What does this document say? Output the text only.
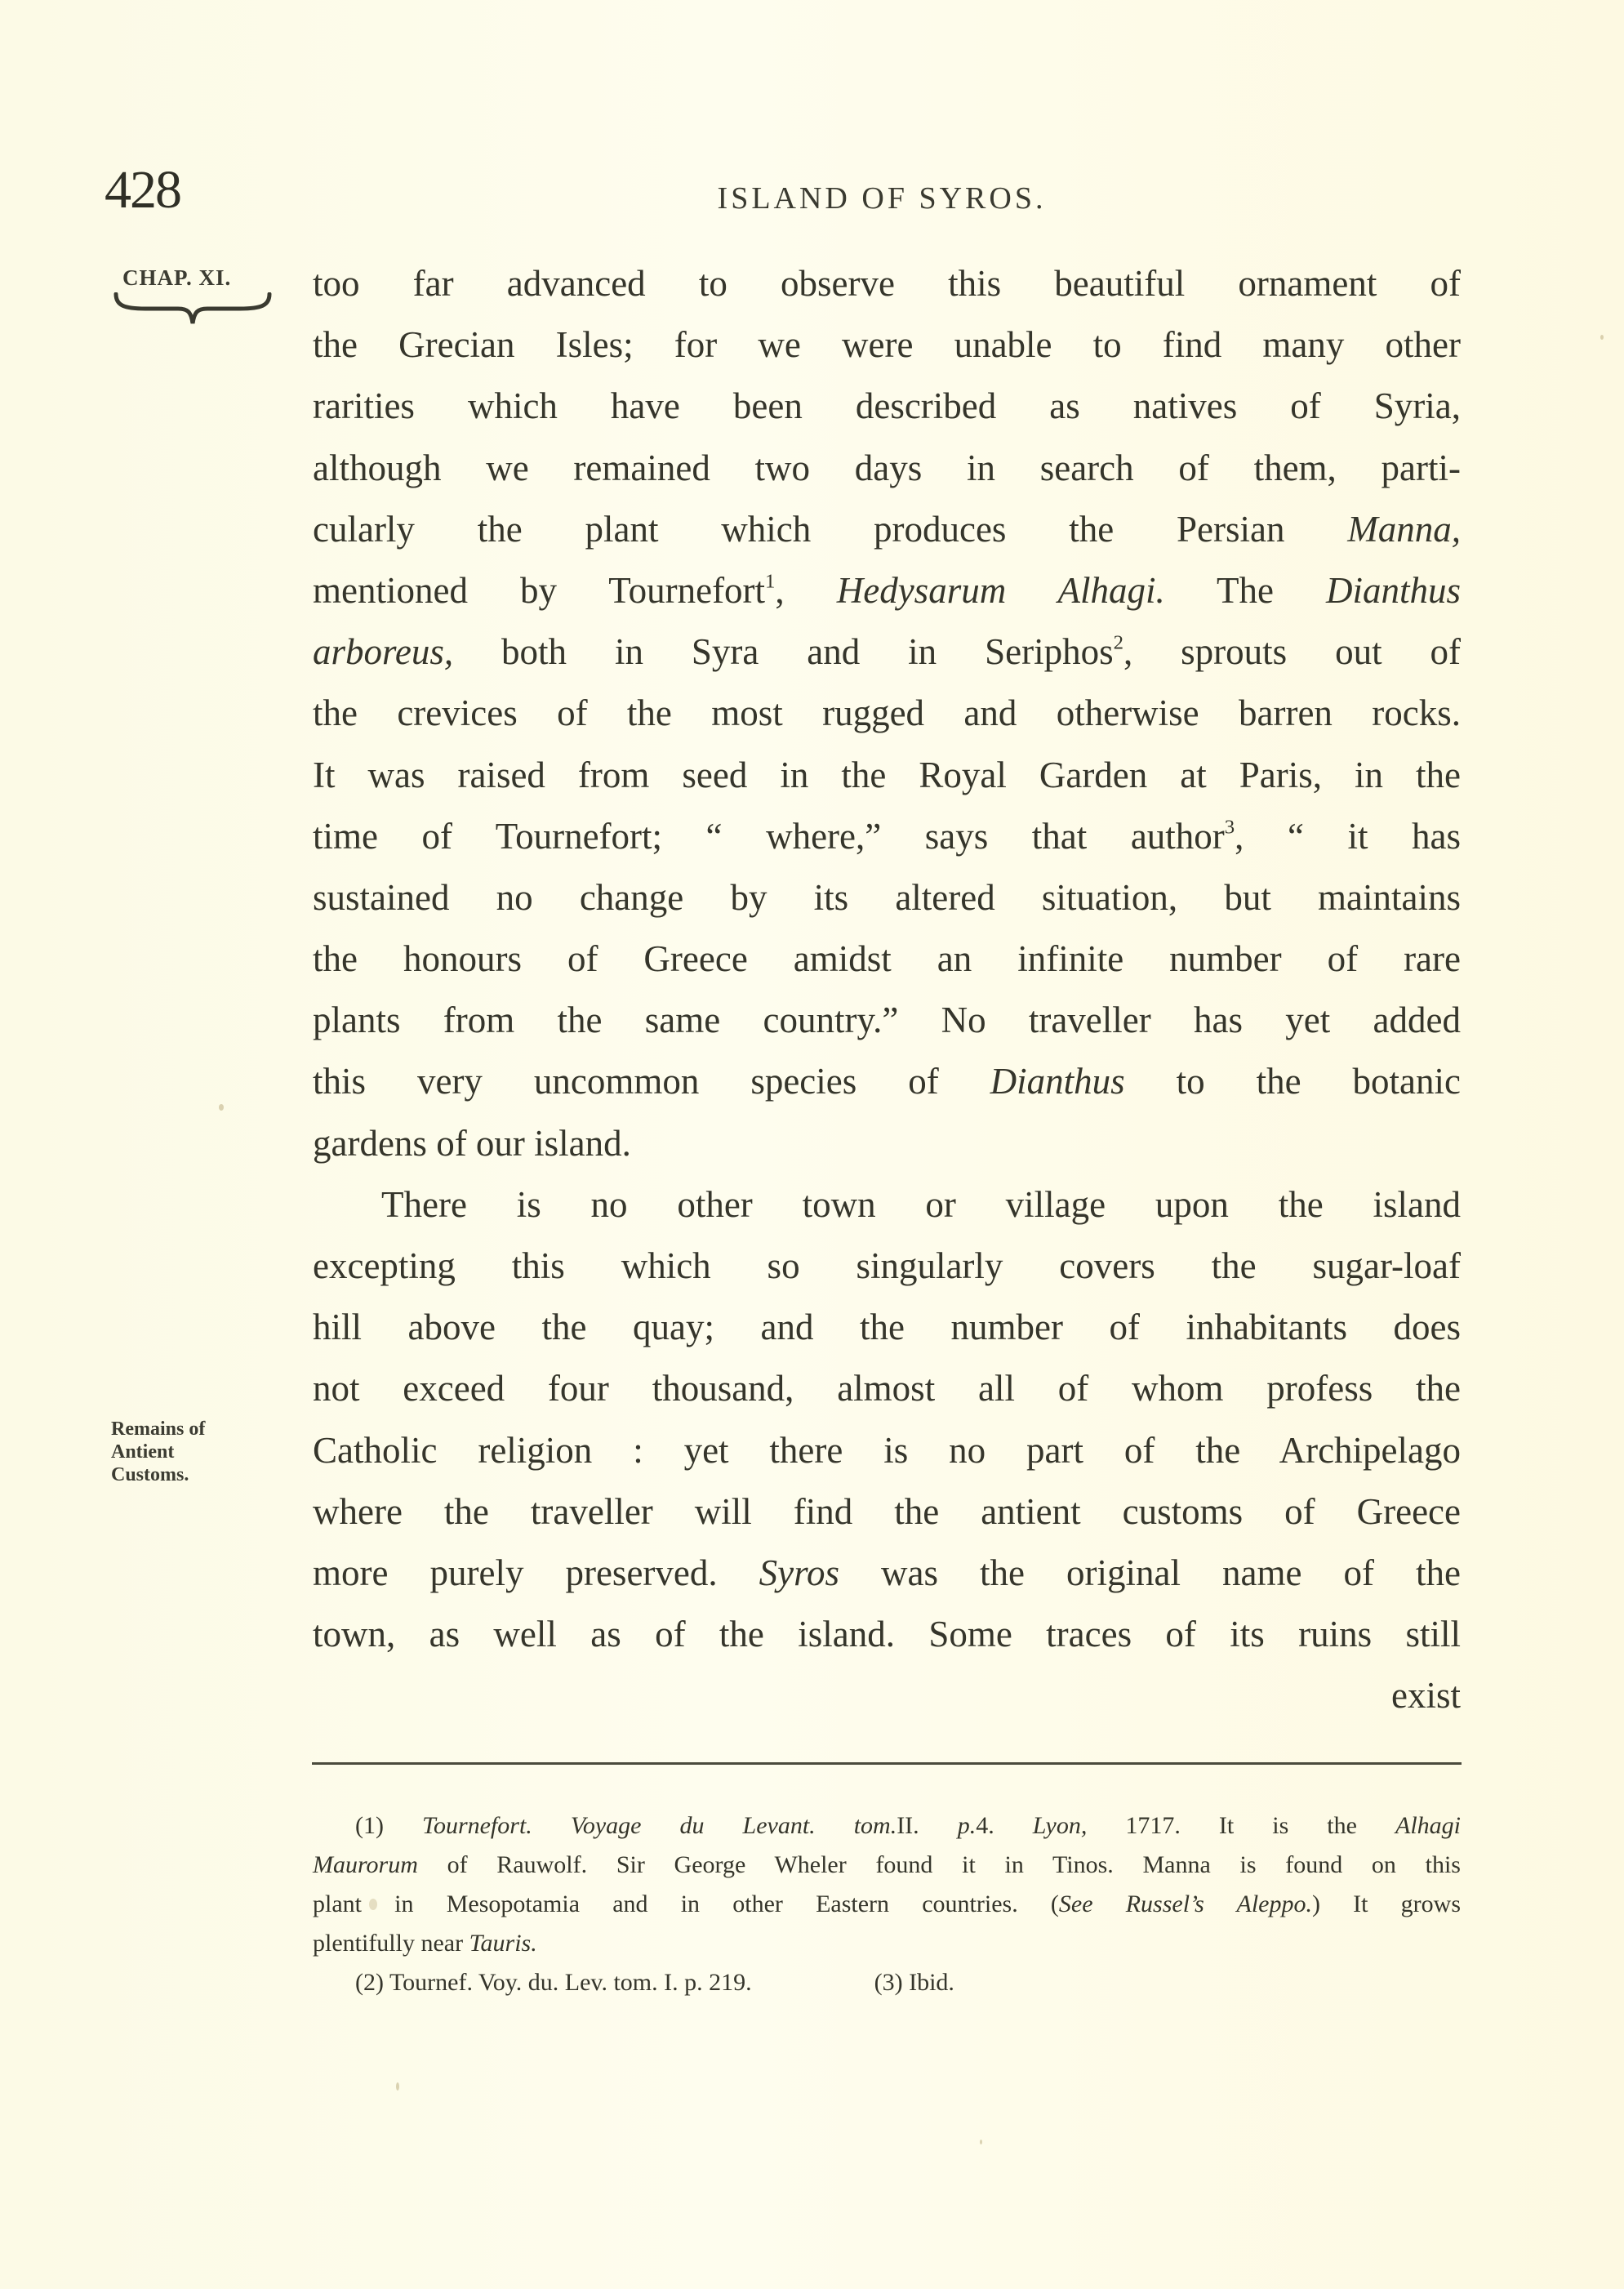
428	ISLAND OF SYROS.
CHAP. XI.
Remains of
Antient
Customs.
too far advanced to observe this beautiful ornament of
the Grecian Isles; for we were unable to find many other
rarities which have been described as natives of Syria,
although we remained two days in search of them, parti-
cularly the plant which produces the Persian Manna,
mentioned by Tournefort$^1$, Hedysarum Alhagi. The Dianthus
arboreus, both in Syra and in Seriphos$^2$, sprouts out of
the crevices of the most rugged and otherwise barren rocks.
It was raised from seed in the Royal Garden at Paris, in the
time of Tournefort; “ where,” says that author$^3$, “ it has
sustained no change by its altered situation, but maintains
the honours of Greece amidst an infinite number of rare
plants from the same country.” No traveller has yet added
this very uncommon species of Dianthus to the botanic
gardens of our island.
There is no other town or village upon the island
excepting this which so singularly covers the sugar-loaf
hill above the quay; and the number of inhabitants does
not exceed four thousand, almost all of whom profess the
Catholic religion : yet there is no part of the Archipelago
where the traveller will find the antient customs of Greece
more purely preserved. Syros was the original name of the
town, as well as of the island. Some traces of its ruins still
exist
(1) Tournefort. Voyage du Levant. tom.II. p.4. Lyon, 1717. It is the Alhagi
Maurorum of Rauwolf. Sir George Wheler found it in Tinos. Manna is found on this
plant in Mesopotamia and in other Eastern countries. (See Russel’s Aleppo.) It grows
plentifully near Tauris.
(2) Tournef. Voy. du. Lev. tom. I. p. 219.	(3) Ibid.
